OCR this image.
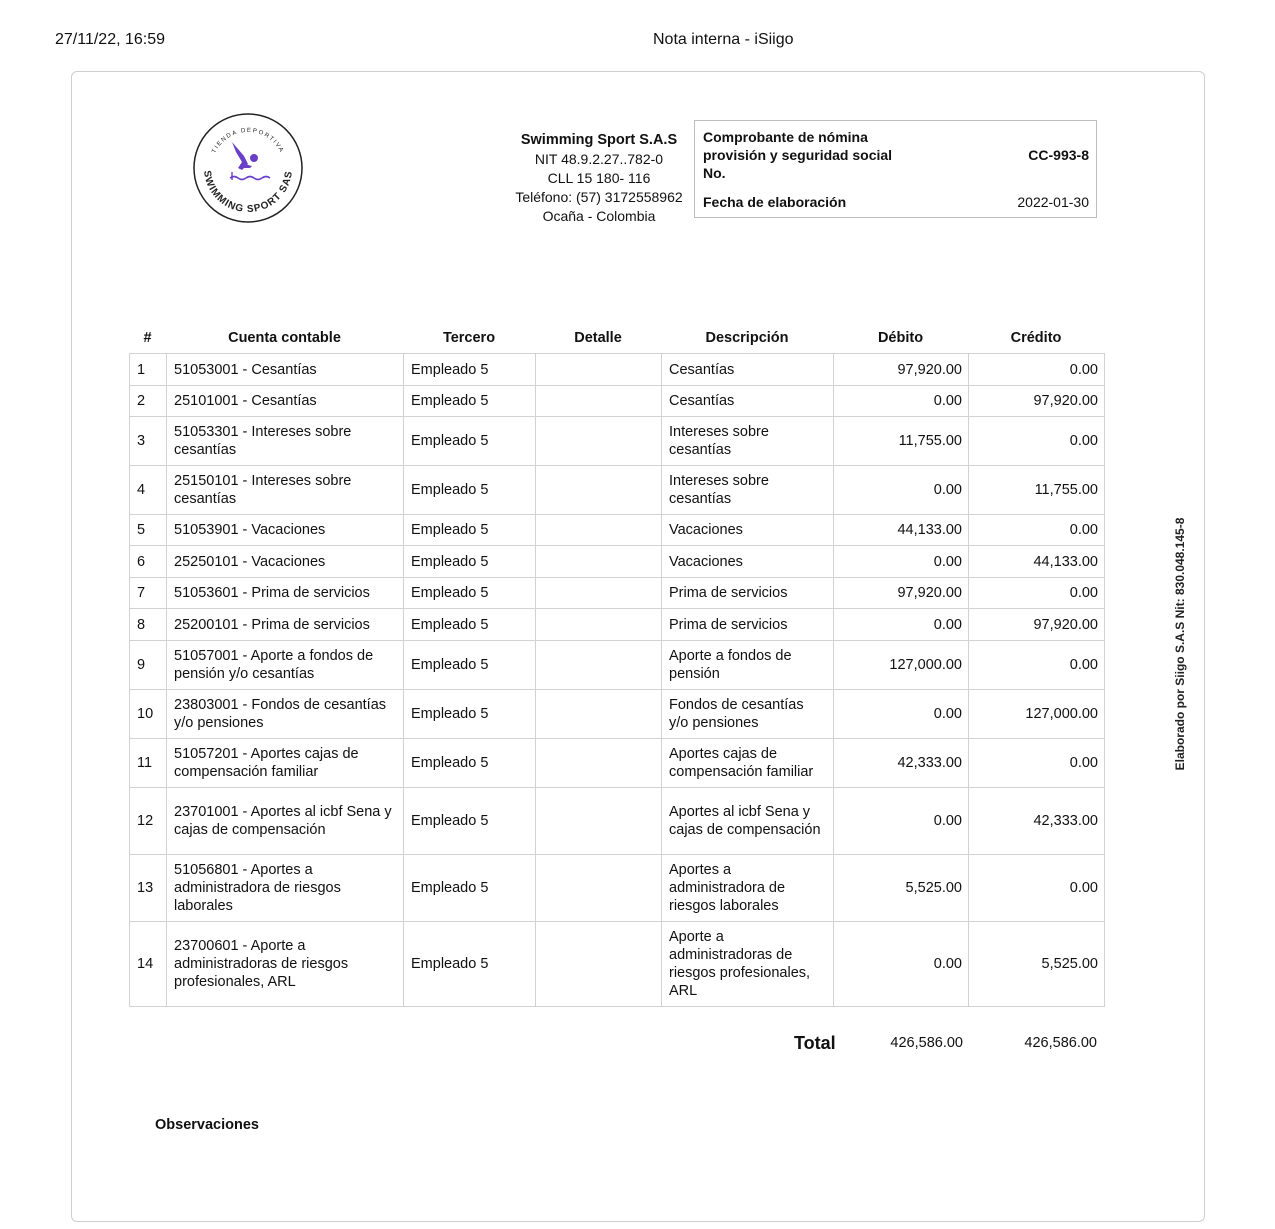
27/11/22, 16:59	Nota interna - iSiigo
TIENDA DEPORTIVA
SWIMMING SPORT SAS
Swimming Sport S.A.S
NIT 48.9.2.27..782-0
CLL 15 180- 116
Teléfono: (57) 3172558962
Ocaña - Colombia
Comprobante de nómina provisión y seguridad social No.
CC-993-8
Fecha de elaboración	2022-01-30
#	Cuenta contable	Tercero	Detalle	Descripción	Débito	Crédito
1	51053001 - Cesantías	Empleado 5		Cesantías	97,920.00	0.00
2	25101001 - Cesantías	Empleado 5		Cesantías	0.00	97,920.00
3	51053301 - Intereses sobre cesantías	Empleado 5		Intereses sobre cesantías	11,755.00	0.00
4	25150101 - Intereses sobre cesantías	Empleado 5		Intereses sobre cesantías	0.00	11,755.00
5	51053901 - Vacaciones	Empleado 5		Vacaciones	44,133.00	0.00
6	25250101 - Vacaciones	Empleado 5		Vacaciones	0.00	44,133.00
7	51053601 - Prima de servicios	Empleado 5		Prima de servicios	97,920.00	0.00
8	25200101 - Prima de servicios	Empleado 5		Prima de servicios	0.00	97,920.00
9	51057001 - Aporte a fondos de pensión y/o cesantías	Empleado 5		Aporte a fondos de pensión	127,000.00	0.00
10	23803001 - Fondos de cesantías y/o pensiones	Empleado 5		Fondos de cesantías y/o pensiones	0.00	127,000.00
11	51057201 - Aportes cajas de compensación familiar	Empleado 5		Aportes cajas de compensación familiar	42,333.00	0.00
12	23701001 - Aportes al icbf Sena y cajas de compensación	Empleado 5		Aportes al icbf Sena y cajas de compensación	0.00	42,333.00
13	51056801 - Aportes a administradora de riesgos laborales	Empleado 5		Aportes a administradora de riesgos laborales	5,525.00	0.00
14	23700601 - Aporte a administradoras de riesgos profesionales, ARL	Empleado 5		Aporte a administradoras de riesgos profesionales, ARL	0.00	5,525.00
Total	426,586.00	426,586.00
Observaciones
Elaborado por Siigo S.A.S Nit: 830.048.145-8
